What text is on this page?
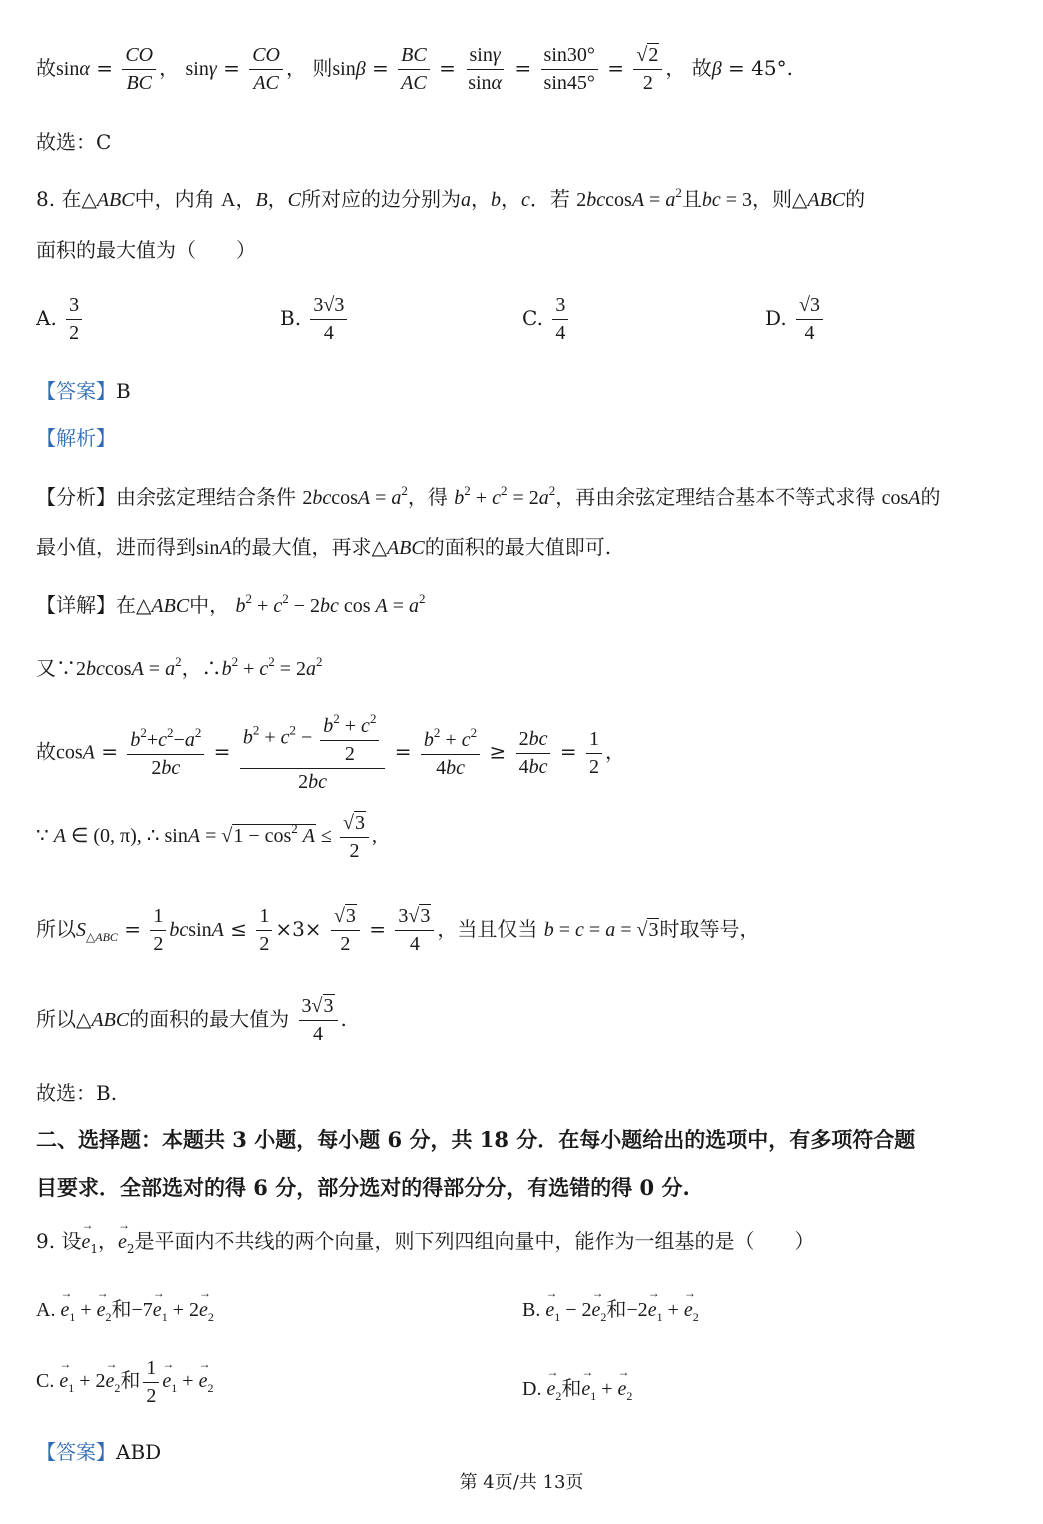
故$\sin\alpha = \frac{CO}{BC}$ ， $\sin\gamma = \frac{CO}{AC}$ ， 则$\sin\beta = \frac{BC}{AC} = \frac{\sin\gamma}{\sin\alpha} = \frac{\sin 30^\circ}{\sin 45^\circ} = \frac{√2}{2}$ ， 故β = 45°.
故选：C
8. 在△ABC中，内角 A，B，C所对应的边分别为a，b，c．若 $2bccosA = a^2$且bc = 3，则△ABC的
面积的最大值为（　　）
A. $\frac{3}{2}$	B. $\frac{3√3}{4}$	C. $\frac{3}{4}$	D. $\frac{√3}{4}$
【答案】B
【解析】
【分析】由余弦定理结合条件 $2bccosA = a^2$，得 $b^2 + c^2 = 2a^2$，再由余弦定理结合基本不等式求得 cosA的
最小值，进而得到sinA的最大值，再求△ABC的面积的最大值即可.
【详解】在△ABC中， $b^2 + c^2 - 2bc$ $\cos A = a^2$
又∵2bccosA = $a^2$，$\therefore b^2 + c^2 = 2a^2$
故$\cos A = \frac{b^2+c^2-a^2}{2bc} = \frac{b^2 + c^2 - \frac{b^2 + c^2}{2}}{2bc} = \frac{b^2 + c^2}{4bc} \ge \frac{2bc}{4bc} = \frac{1}{2}$ ，
∵ A ∈ (0, π), ∴ $\sin A = √1 - \cos^2 A \le \frac{√3}{2}$ ,
所以$S_{\triangle ABC} = \frac{1}{2}$ $bcsinA \le \frac{1}{2} \times 3\times \frac{√3}{2} = \frac{3√3}{4}$ ，当且仅当 b = c = a = √3时取等号，
所以△ABC的面积的最大值为 $\frac{3√3}{4}$ .
故选：B.
二、选择题：本题共 3 小题，每小题 6 分，共 18 分．在每小题给出的选项中，有多项符合题
目要求．全部选对的得 6 分，部分选对的得部分分，有选错的得 0 分.
9. 设→ $e_1$，→ $e_2$是平面内不共线的两个向量，则下列四组向量中，能作为一组基的是（　　）
A. → $e_1$ + → $e_2$和$-7\to e_1 + 2\to e_2$	B. → $e_1 - 2\to e_2$和$-2\to e_1$ + → $e_2$
C. → $e_1 + 2\to e_2$和 $\frac{1}{2}$
→ $e_1$ + → $e_2$	D. → $e_2$和→ $e_1$ + → $e_2$
【答案】ABD
第 4页/共 13页
